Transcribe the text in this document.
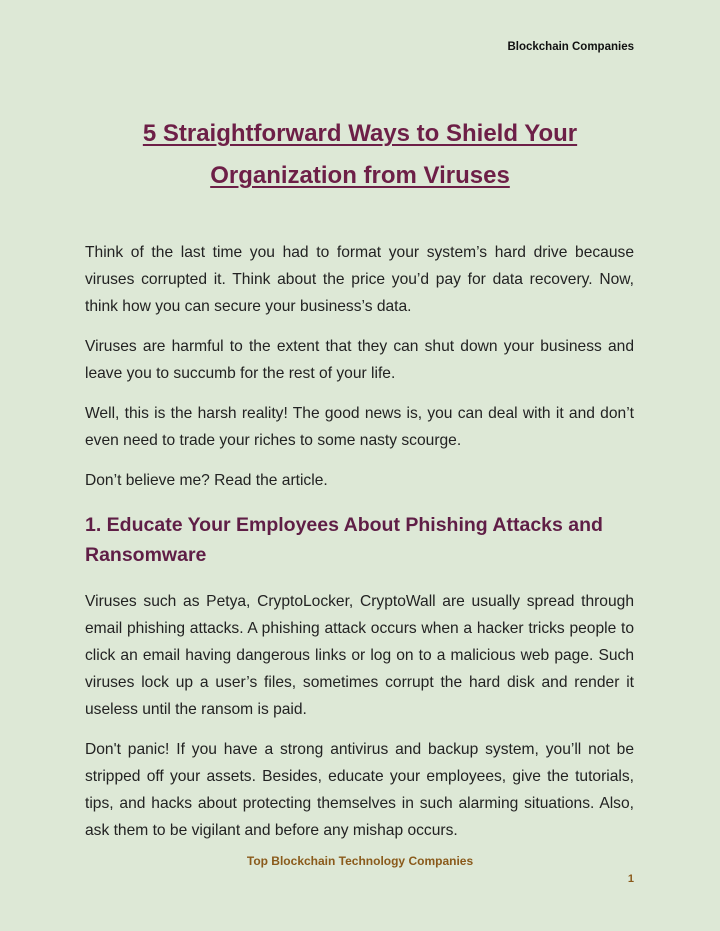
Blockchain Companies
5 Straightforward Ways to Shield Your Organization from Viruses

Think of the last time you had to format your system’s hard drive because viruses corrupted it. Think about the price you’d pay for data recovery. Now, think how you can secure your business’s data.

Viruses are harmful to the extent that they can shut down your business and leave you to succumb for the rest of your life.

Well, this is the harsh reality! The good news is, you can deal with it and don’t even need to trade your riches to some nasty scourge.

Don’t believe me? Read the article.

1. Educate Your Employees About Phishing Attacks and Ransomware

Viruses such as Petya, CryptoLocker, CryptoWall are usually spread through email phishing attacks. A phishing attack occurs when a hacker tricks people to click an email having dangerous links or log on to a malicious web page. Such viruses lock up a user’s files, sometimes corrupt the hard disk and render it useless until the ransom is paid.

Don't panic! If you have a strong antivirus and backup system, you’ll not be stripped off your assets. Besides, educate your employees, give the tutorials, tips, and hacks about protecting themselves in such alarming situations. Also, ask them to be vigilant and before any mishap occurs.

Top Blockchain Technology Companies
1
